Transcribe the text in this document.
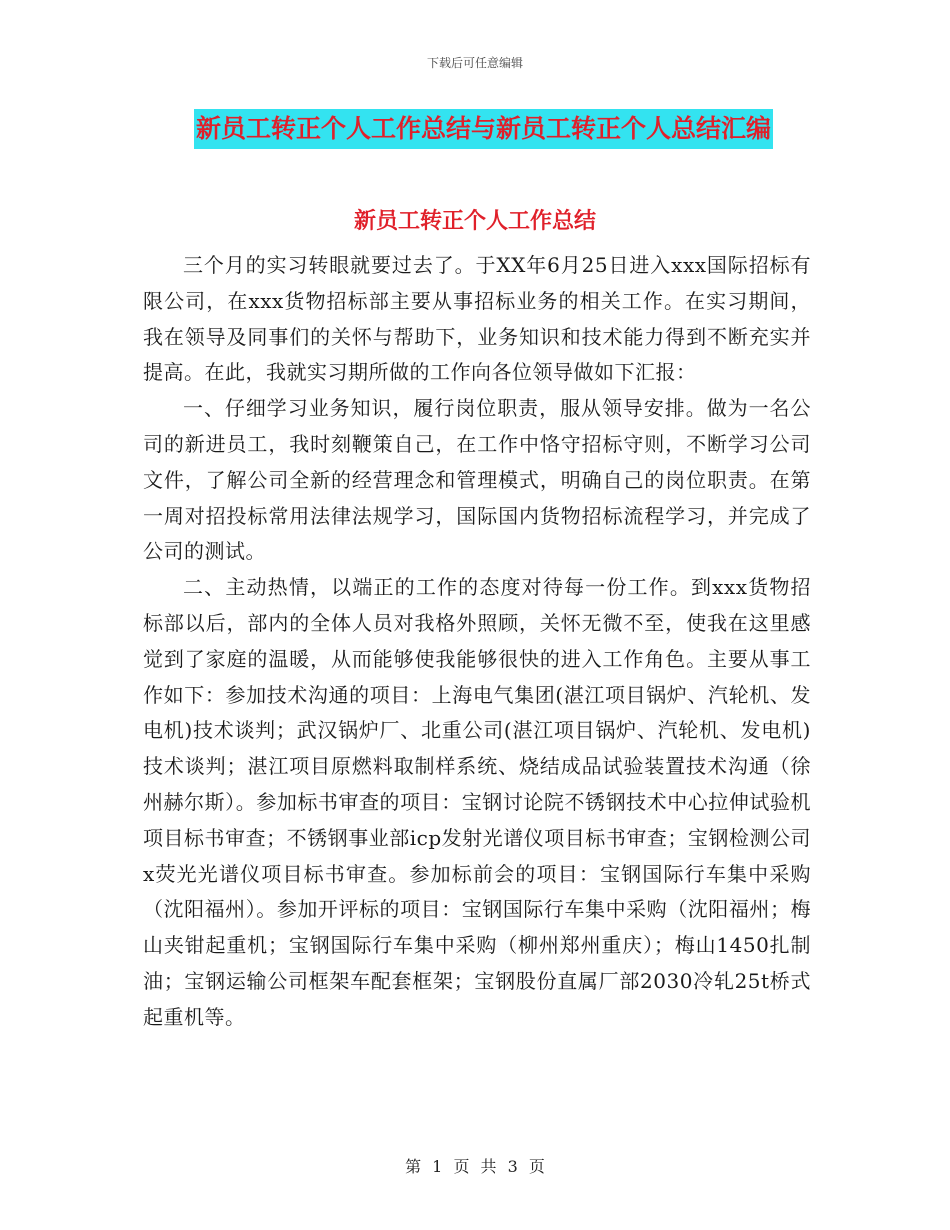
下载后可任意编辑
新员工转正个人工作总结与新员工转正个人总结汇编
新员工转正个人工作总结

三个月的实习转眼就要过去了。于XX年6月25日进入xxx国际招标有限公司，在xxx货物招标部主要从事招标业务的相关工作。在实习期间，我在领导及同事们的关怀与帮助下，业务知识和技术能力得到不断充实并提高。在此，我就实习期所做的工作向各位领导做如下汇报：

一、仔细学习业务知识，履行岗位职责，服从领导安排。做为一名公司的新进员工，我时刻鞭策自己，在工作中恪守招标守则，不断学习公司文件，了解公司全新的经营理念和管理模式，明确自己的岗位职责。在第一周对招投标常用法律法规学习，国际国内货物招标流程学习，并完成了公司的测试。

二、主动热情，以端正的工作的态度对待每一份工作。到xxx货物招标部以后，部内的全体人员对我格外照顾，关怀无微不至，使我在这里感觉到了家庭的温暖，从而能够使我能够很快的进入工作角色。主要从事工作如下：参加技术沟通的项目：上海电气集团(湛江项目锅炉、汽轮机、发电机)技术谈判；武汉锅炉厂、北重公司(湛江项目锅炉、汽轮机、发电机)技术谈判；湛江项目原燃料取制样系统、烧结成品试验装置技术沟通（徐州赫尔斯）。参加标书审查的项目：宝钢讨论院不锈钢技术中心拉伸试验机项目标书审查；不锈钢事业部icp发射光谱仪项目标书审查；宝钢检测公司x荧光光谱仪项目标书审查。参加标前会的项目：宝钢国际行车集中采购（沈阳福州）。参加开评标的项目：宝钢国际行车集中采购（沈阳福州；梅山夹钳起重机；宝钢国际行车集中采购（柳州郑州重庆）；梅山1450扎制油；宝钢运输公司框架车配套框架；宝钢股份直属厂部2030冷轧25t桥式起重机等。

第 1 页 共 3 页
